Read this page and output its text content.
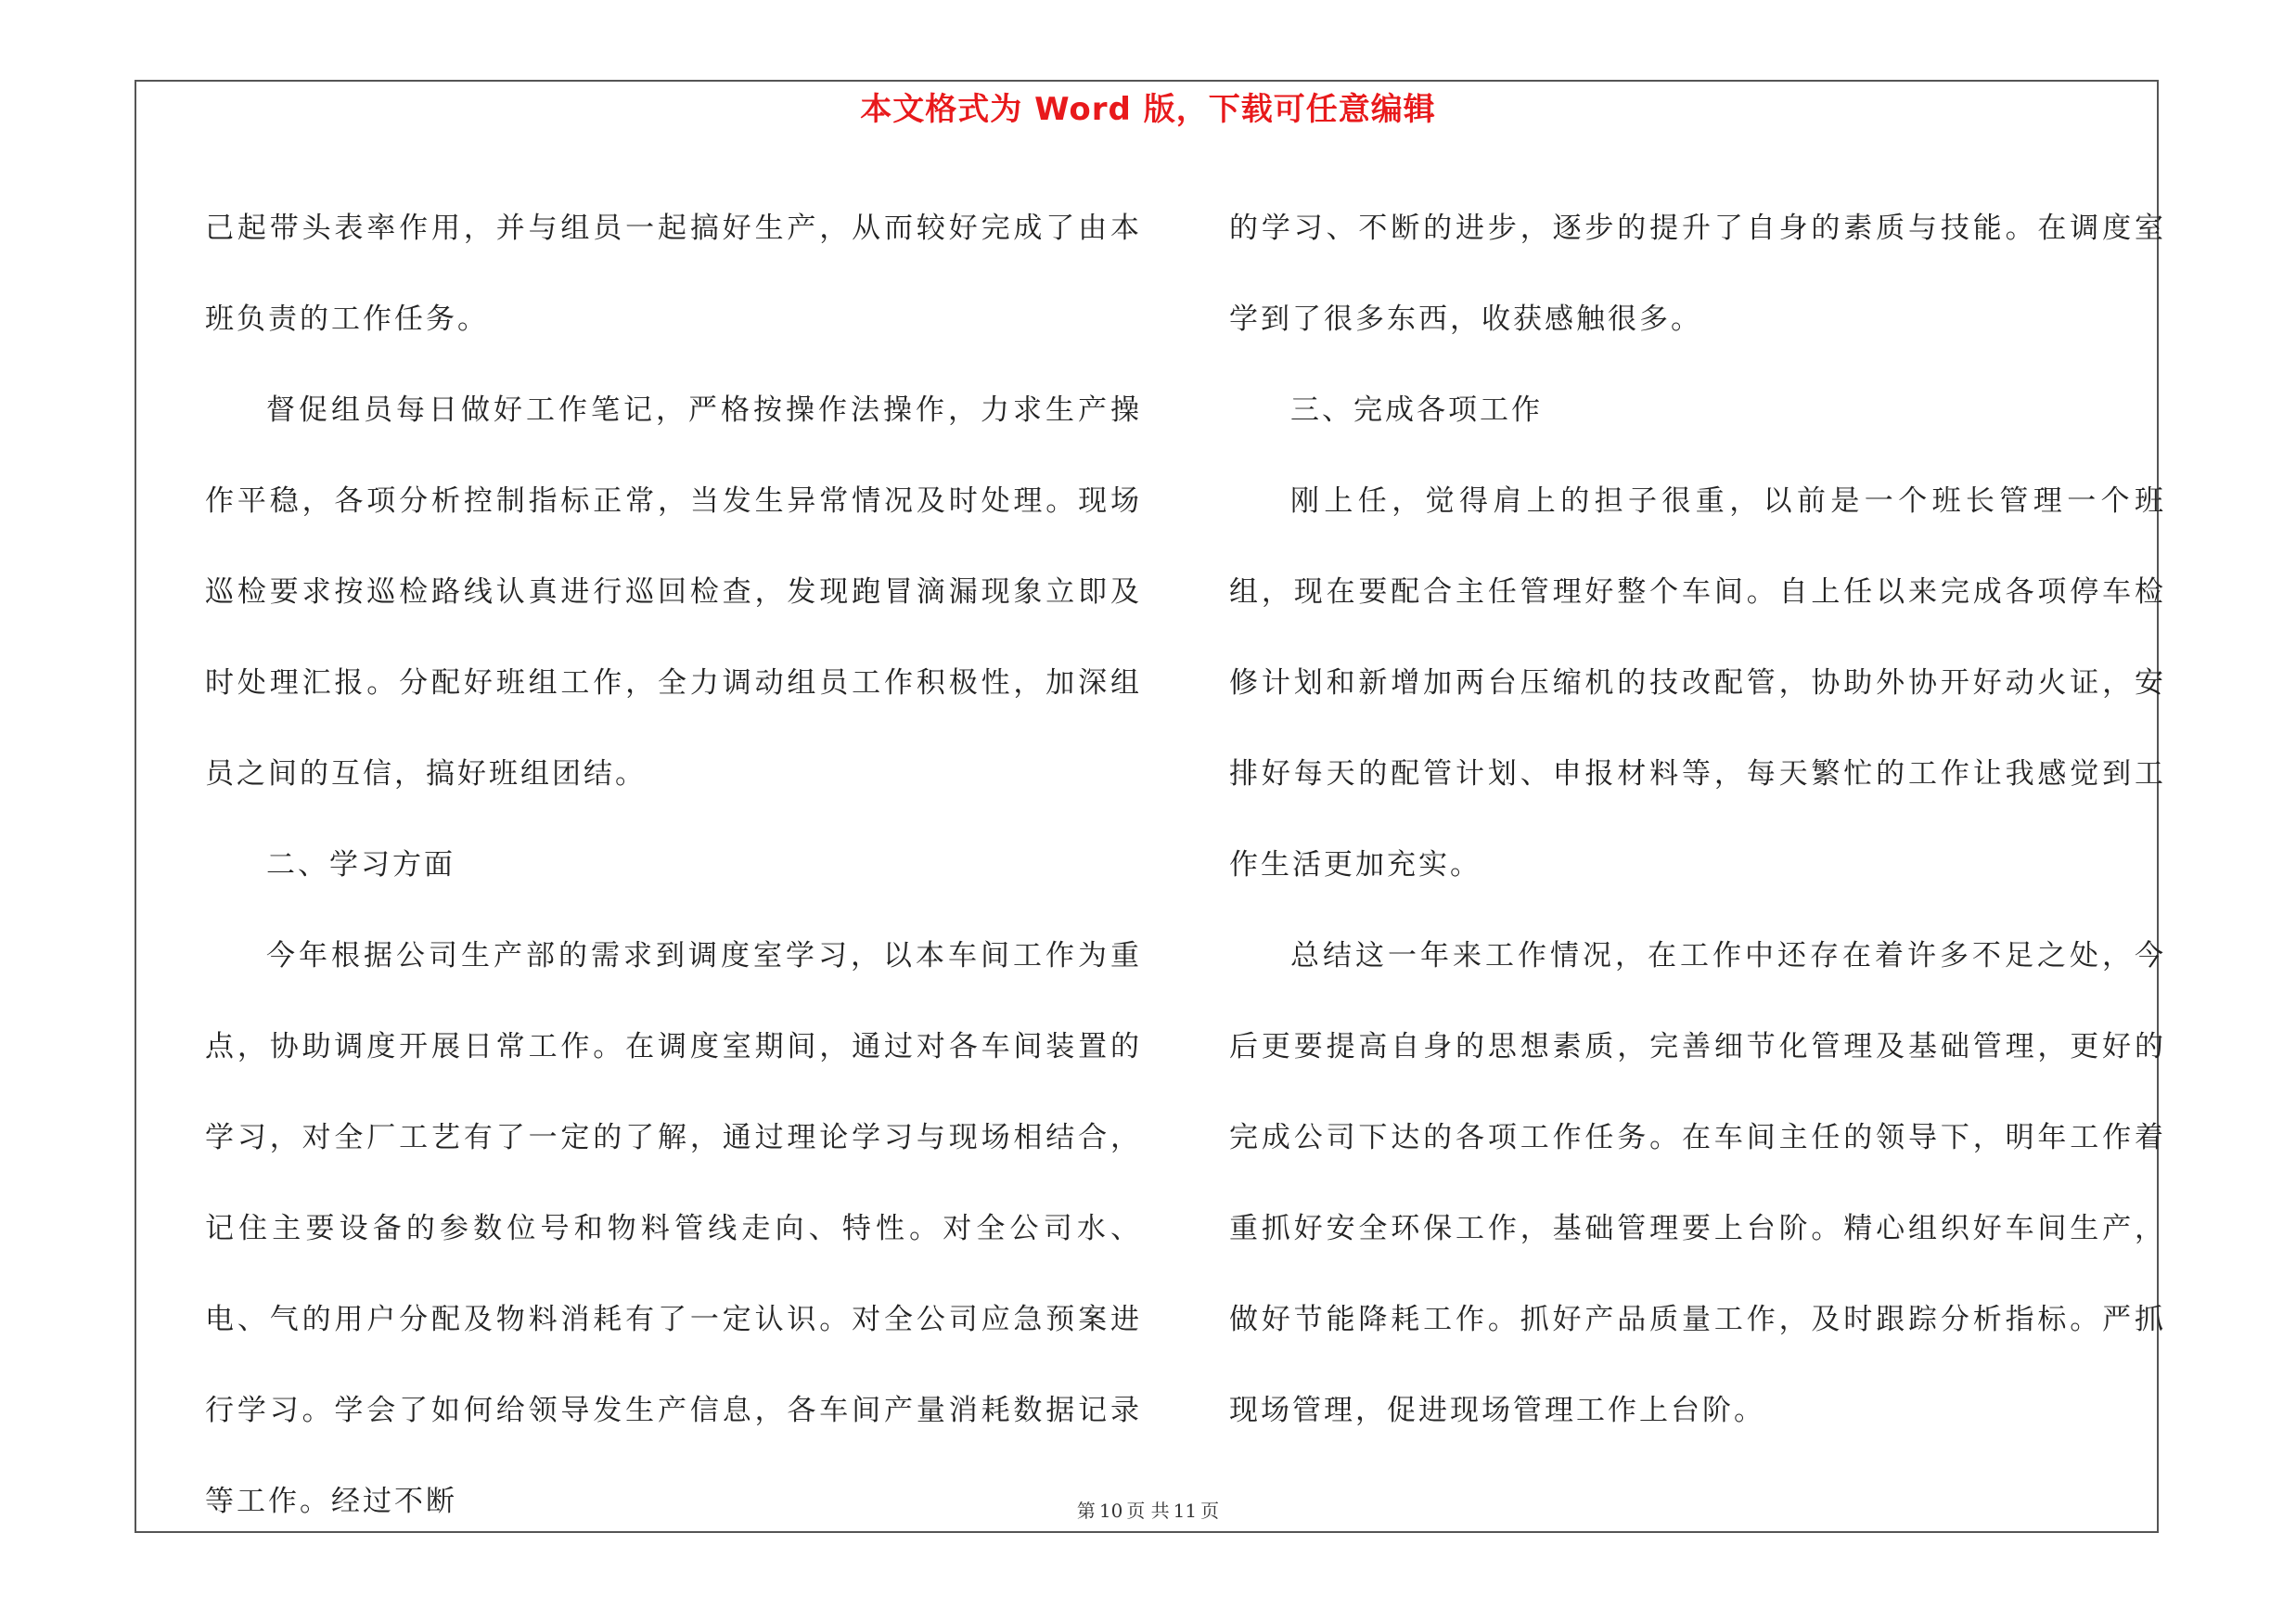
本文格式为 Word 版，下载可任意编辑

己起带头表率作用，并与组员一起搞好生产，从而较好完成了由本班负责的工作任务。

督促组员每日做好工作笔记，严格按操作法操作，力求生产操作平稳，各项分析控制指标正常，当发生异常情况及时处理。现场巡检要求按巡检路线认真进行巡回检查，发现跑冒滴漏现象立即及时处理汇报。分配好班组工作，全力调动组员工作积极性，加深组员之间的互信，搞好班组团结。

二、学习方面

今年根据公司生产部的需求到调度室学习，以本车间工作为重点，协助调度开展日常工作。在调度室期间，通过对各车间装置的学习，对全厂工艺有了一定的了解，通过理论学习与现场相结合，记住主要设备的参数位号和物料管线走向、特性。对全公司水、电、气的用户分配及物料消耗有了一定认识。对全公司应急预案进行学习。学会了如何给领导发生产信息，各车间产量消耗数据记录等工作。经过不断

的学习、不断的进步，逐步的提升了自身的素质与技能。在调度室学到了很多东西，收获感触很多。

三、完成各项工作

刚上任，觉得肩上的担子很重，以前是一个班长管理一个班组，现在要配合主任管理好整个车间。自上任以来完成各项停车检修计划和新增加两台压缩机的技改配管，协助外协开好动火证，安排好每天的配管计划、申报材料等，每天繁忙的工作让我感觉到工作生活更加充实。

总结这一年来工作情况，在工作中还存在着许多不足之处，今后更要提高自身的思想素质，完善细节化管理及基础管理，更好的完成公司下达的各项工作任务。在车间主任的领导下，明年工作着重抓好安全环保工作，基础管理要上台阶。精心组织好车间生产，做好节能降耗工作。抓好产品质量工作，及时跟踪分析指标。严抓现场管理，促进现场管理工作上台阶。

第 10 页 共 11 页
